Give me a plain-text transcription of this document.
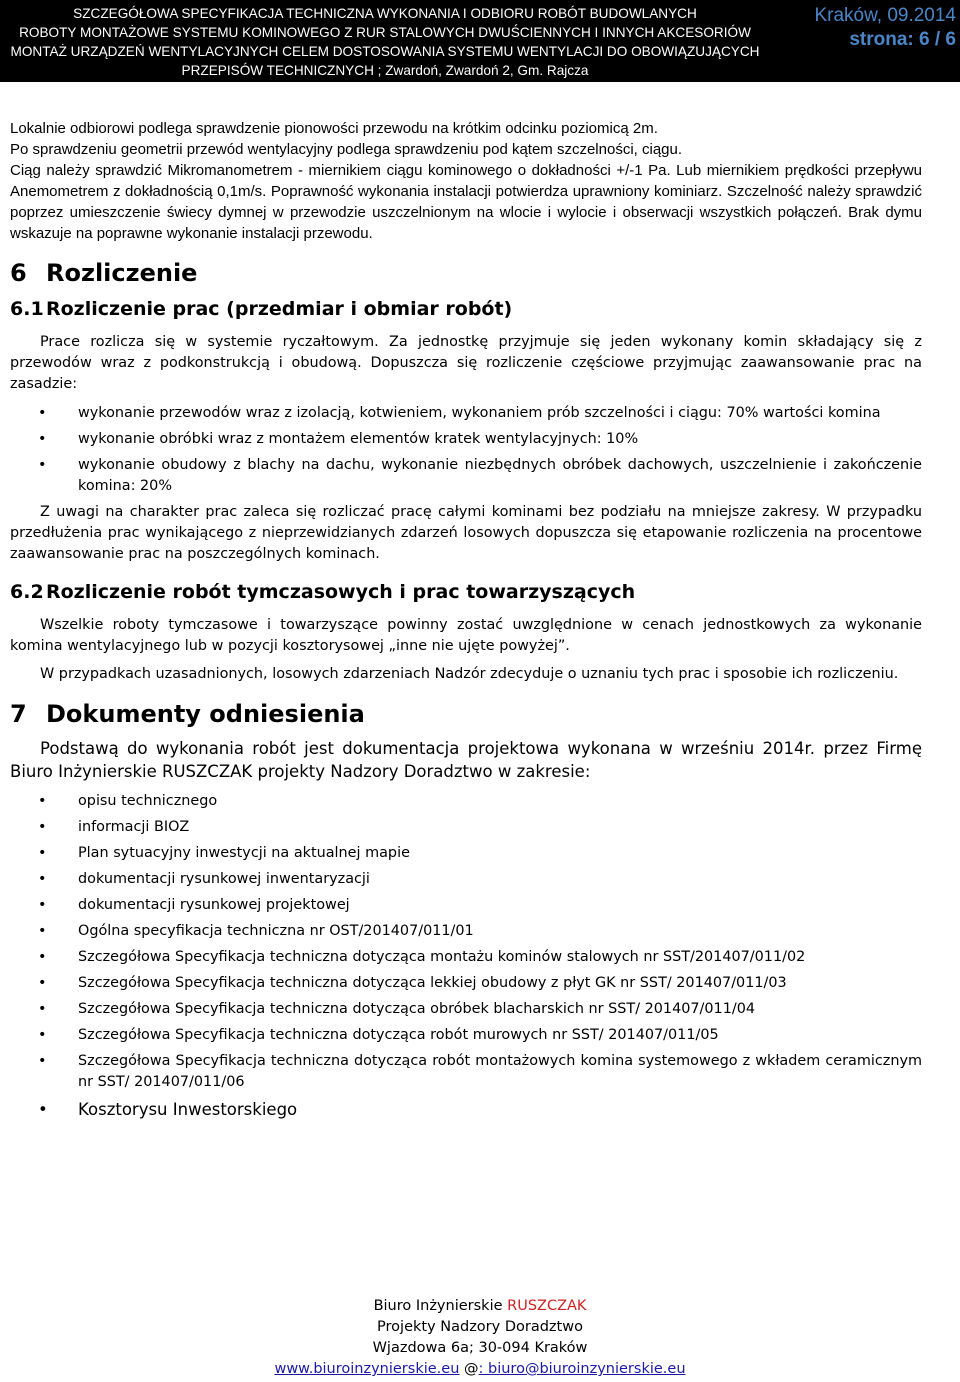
SZCZEGÓŁOWA SPECYFIKACJA TECHNICZNA WYKONANIA I ODBIORU ROBÓT BUDOWLANYCH
ROBOTY MONTAŻOWE SYSTEMU KOMINOWEGO Z RUR STALOWYCH DWUŚCIENNYCH I INNYCH AKCESORIÓW
MONTAŻ URZĄDZEŃ WENTYLACYJNYCH CELEM DOSTOSOWANIA SYSTEMU WENTYLACJI DO OBOWIĄZUJĄCYCH
PRZEPISÓW TECHNICZNYCH ; Zwardoń, Zwardoń 2, Gm. Rajcza
Kraków, 09.2014
strona: 6 / 6

Lokalnie odbiorowi podlega sprawdzenie pionowości przewodu na krótkim odcinku poziomicą 2m.

Po sprawdzeniu geometrii przewód wentylacyjny podlega sprawdzeniu pod kątem szczelności, ciągu.

Ciąg należy sprawdzić Mikromanometrem - miernikiem ciągu kominowego o dokładności +/-1 Pa. Lub miernikiem prędkości przepływu Anemometrem z dokładnością 0,1m/s. Poprawność wykonania instalacji potwierdza uprawniony kominiarz. Szczelność należy sprawdzić poprzez umieszczenie świecy dymnej w przewodzie uszczelnionym na wlocie i wylocie i obserwacji wszystkich połączeń. Brak dymu wskazuje na poprawne wykonanie instalacji przewodu.

6 Rozliczenie
6.1 Rozliczenie prac (przedmiar i obmiar robót)

Prace rozlicza się w systemie ryczałtowym. Za jednostkę przyjmuje się jeden wykonany komin składający się z przewodów wraz z podkonstrukcją i obudową. Dopuszcza się rozliczenie częściowe przyjmując zaawansowanie prac na zasadzie:

• wykonanie przewodów wraz z izolacją, kotwieniem, wykonaniem prób szczelności i ciągu: 70% wartości komina
• wykonanie obróbki wraz z montażem elementów kratek wentylacyjnych: 10%
• wykonanie obudowy z blachy na dachu, wykonanie niezbędnych obróbek dachowych, uszczelnienie i zakończenie komina: 20%

Z uwagi na charakter prac zaleca się rozliczać pracę całymi kominami bez podziału na mniejsze zakresy. W przypadku przedłużenia prac wynikającego z nieprzewidzianych zdarzeń losowych dopuszcza się etapowanie rozliczenia na procentowe zaawansowanie prac na poszczególnych kominach.

6.2 Rozliczenie robót tymczasowych i prac towarzyszących

Wszelkie roboty tymczasowe i towarzyszące powinny zostać uwzględnione w cenach jednostkowych za wykonanie komina wentylacyjnego lub w pozycji kosztorysowej „inne nie ujęte powyżej”.

W przypadkach uzasadnionych, losowych zdarzeniach Nadzór zdecyduje o uznaniu tych prac i sposobie ich rozliczeniu.

7 Dokumenty odniesienia

Podstawą do wykonania robót jest dokumentacja projektowa wykonana w wrześniu 2014r. przez Firmę Biuro Inżynierskie RUSZCZAK projekty Nadzory Doradztwo w zakresie:

• opisu technicznego
• informacji BIOZ
• Plan sytuacyjny inwestycji na aktualnej mapie
• dokumentacji rysunkowej inwentaryzacji
• dokumentacji rysunkowej projektowej
• Ogólna specyfikacja techniczna nr OST/201407/011/01
• Szczegółowa Specyfikacja techniczna dotycząca montażu kominów stalowych nr SST/201407/011/02
• Szczegółowa Specyfikacja techniczna dotycząca lekkiej obudowy z płyt GK nr SST/ 201407/011/03
• Szczegółowa Specyfikacja techniczna dotycząca obróbek blacharskich nr SST/ 201407/011/04
• Szczegółowa Specyfikacja techniczna dotycząca robót murowych nr SST/ 201407/011/05
• Szczegółowa Specyfikacja techniczna dotycząca robót montażowych komina systemowego z wkładem ceramicznym nr SST/ 201407/011/06
• Kosztorysu Inwestorskiego
Biuro Inżynierskie RUSZCZAK
Projekty Nadzory Doradztwo
Wjazdowa 6a; 30-094 Kraków
www.biuroinzynierskie.eu @: biuro@biuroinzynierskie.eu
